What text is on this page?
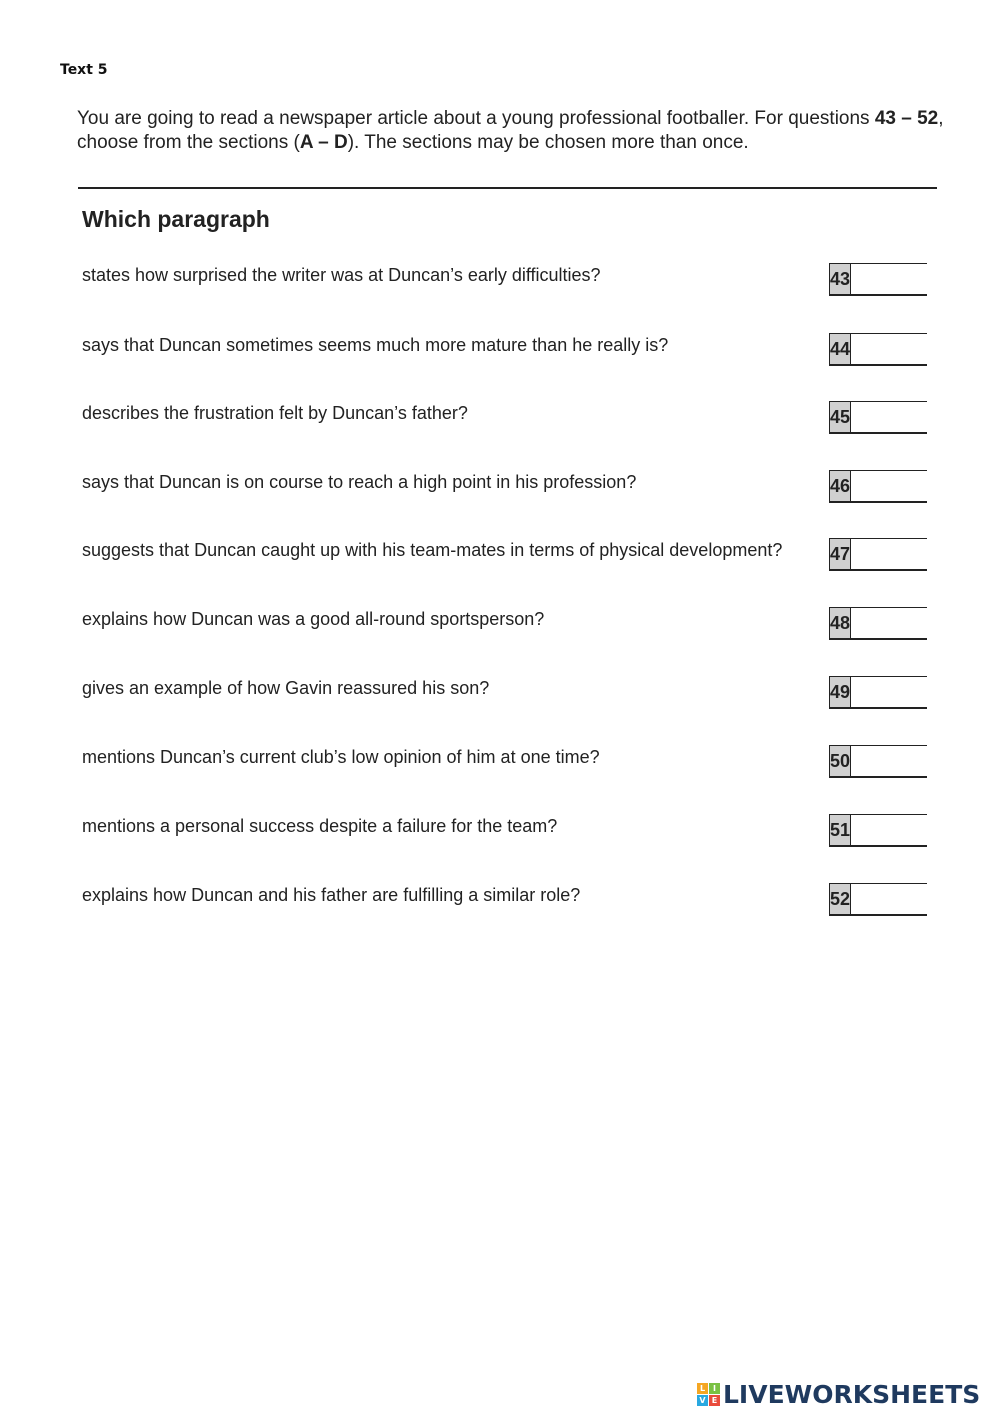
Text 5
You are going to read a newspaper article about a young professional footballer. For questions 43 – 52, choose from the sections (A – D). The sections may be chosen more than once.
Which paragraph
states how surprised the writer was at Duncan’s early difficulties?	43
says that Duncan sometimes seems much more mature than he really is?	44
describes the frustration felt by Duncan’s father?	45
says that Duncan is on course to reach a high point in his profession?	46
suggests that Duncan caught up with his team-mates in terms of physical development?	47
explains how Duncan was a good all-round sportsperson?	48
gives an example of how Gavin reassured his son?	49
mentions Duncan’s current club’s low opinion of him at one time?	50
mentions a personal success despite a failure for the team?	51
explains how Duncan and his father are fulfilling a similar role?	52
L I
V E LIVEWORKSHEETS
